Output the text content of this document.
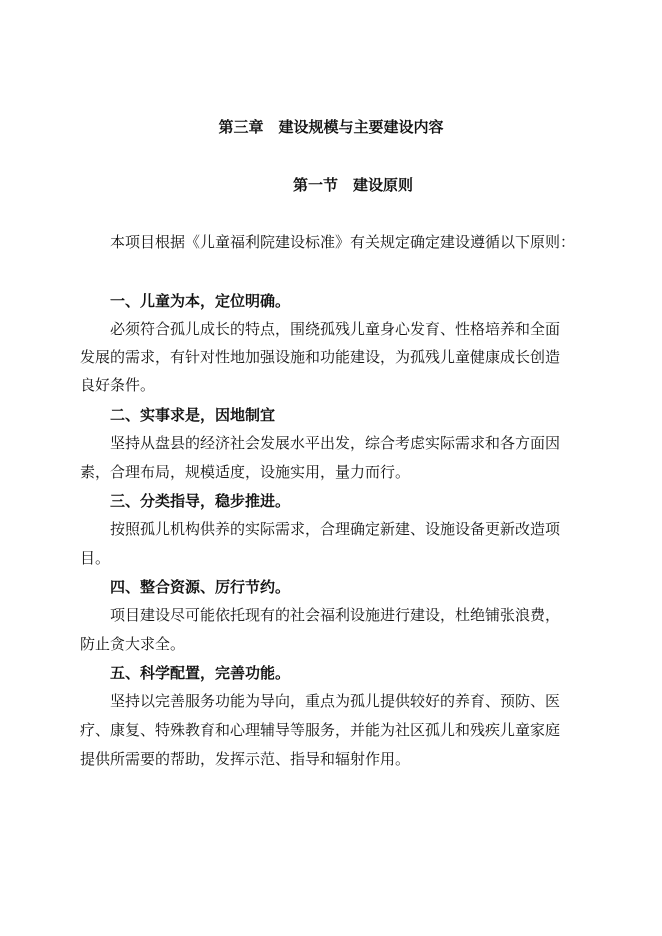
第三章　建设规模与主要建设内容
第一节　建设原则
本项目根据《儿童福利院建设标准》有关规定确定建设遵循以下原则：
一、儿童为本，定位明确。
必须符合孤儿成长的特点，围绕孤残儿童身心发育、性格培养和全面
发展的需求，有针对性地加强设施和功能建设，为孤残儿童健康成长创造
良好条件。
二、实事求是，因地制宜
坚持从盘县的经济社会发展水平出发，综合考虑实际需求和各方面因
素，合理布局，规模适度，设施实用，量力而行。
三、分类指导，稳步推进。
按照孤儿机构供养的实际需求，合理确定新建、设施设备更新改造项
目。
四、整合资源、厉行节约。
项目建设尽可能依托现有的社会福利设施进行建设，杜绝铺张浪费，
防止贪大求全。
五、科学配置，完善功能。
坚持以完善服务功能为导向，重点为孤儿提供较好的养育、预防、医
疗、康复、特殊教育和心理辅导等服务，并能为社区孤儿和残疾儿童家庭
提供所需要的帮助，发挥示范、指导和辐射作用。
